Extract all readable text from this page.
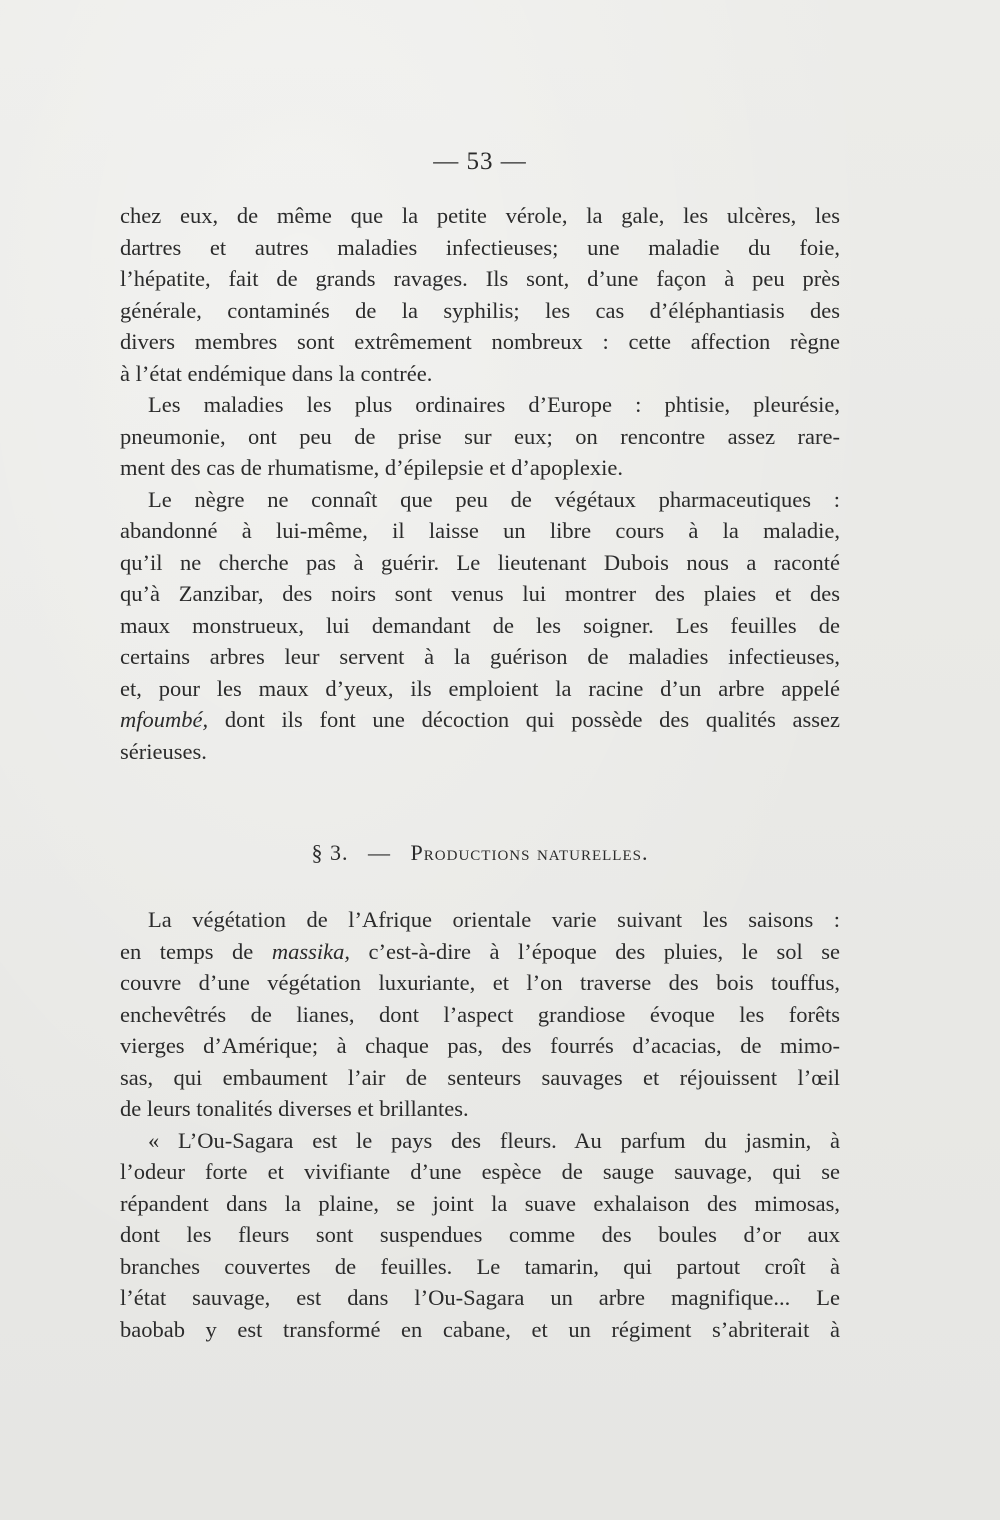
— 53 —
chez eux, de même que la petite vérole, la gale, les ulcères, les
dartres et autres maladies infectieuses; une maladie du foie,
l’hépatite, fait de grands ravages. Ils sont, d’une façon à peu près
générale, contaminés de la syphilis; les cas d’éléphantiasis des
divers membres sont extrêmement nombreux : cette affection règne
à l’état endémique dans la contrée.
Les maladies les plus ordinaires d’Europe : phtisie, pleurésie,
pneumonie, ont peu de prise sur eux; on rencontre assez rare-
ment des cas de rhumatisme, d’épilepsie et d’apoplexie.
Le nègre ne connaît que peu de végétaux pharmaceutiques :
abandonné à lui-même, il laisse un libre cours à la maladie,
qu’il ne cherche pas à guérir. Le lieutenant Dubois nous a raconté
qu’à Zanzibar, des noirs sont venus lui montrer des plaies et des
maux monstrueux, lui demandant de les soigner. Les feuilles de
certains arbres leur servent à la guérison de maladies infectieuses,
et, pour les maux d’yeux, ils emploient la racine d’un arbre appelé
mfoumbé, dont ils font une décoction qui possède des qualités assez
sérieuses.
§ 3. — Productions naturelles.
La végétation de l’Afrique orientale varie suivant les saisons :
en temps de massika, c’est-à-dire à l’époque des pluies, le sol se
couvre d’une végétation luxuriante, et l’on traverse des bois touffus,
enchevêtrés de lianes, dont l’aspect grandiose évoque les forêts
vierges d’Amérique; à chaque pas, des fourrés d’acacias, de mimo-
sas, qui embaument l’air de senteurs sauvages et réjouissent l’œil
de leurs tonalités diverses et brillantes.
« L’Ou-Sagara est le pays des fleurs. Au parfum du jasmin, à
l’odeur forte et vivifiante d’une espèce de sauge sauvage, qui se
répandent dans la plaine, se joint la suave exhalaison des mimosas,
dont les fleurs sont suspendues comme des boules d’or aux
branches couvertes de feuilles. Le tamarin, qui partout croît à
l’état sauvage, est dans l’Ou-Sagara un arbre magnifique... Le
baobab y est transformé en cabane, et un régiment s’abriterait à
